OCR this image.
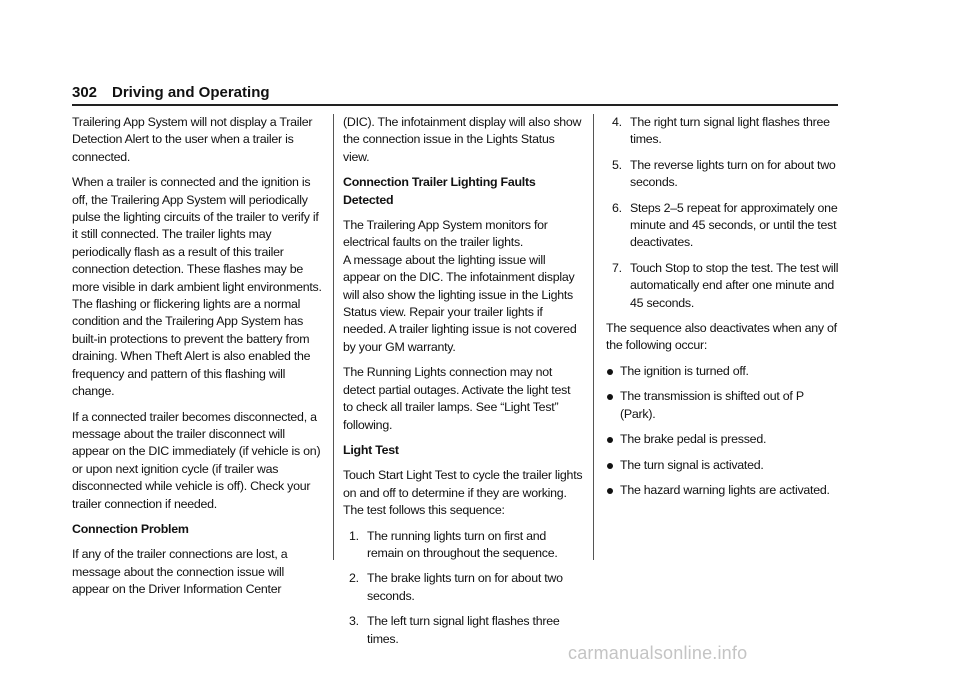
302 Driving and Operating

Trailering App System will not display a Trailer Detection Alert to the user when a trailer is connected.

When a trailer is connected and the ignition is off, the Trailering App System will periodically pulse the lighting circuits of the trailer to verify if it still connected. The trailer lights may periodically flash as a result of this trailer connection detection. These flashes may be more visible in dark ambient light environments. The flashing or flickering lights are a normal condition and the Trailering App System has built-in protections to prevent the battery from draining. When Theft Alert is also enabled the frequency and pattern of this flashing will change.

If a connected trailer becomes disconnected, a message about the trailer disconnect will appear on the DIC immediately (if vehicle is on) or upon next ignition cycle (if trailer was disconnected while vehicle is off). Check your trailer connection if needed.

Connection Problem

If any of the trailer connections are lost, a message about the connection issue will appear on the Driver Information Center

(DIC). The infotainment display will also show the connection issue in the Lights Status view.

Connection Trailer Lighting Faults Detected

The Trailering App System monitors for electrical faults on the trailer lights.

A message about the lighting issue will appear on the DIC. The infotainment display will also show the lighting issue in the Lights Status view. Repair your trailer lights if needed. A trailer lighting issue is not covered by your GM warranty.

The Running Lights connection may not detect partial outages. Activate the light test to check all trailer lamps. See “Light Test” following.

Light Test

Touch Start Light Test to cycle the trailer lights on and off to determine if they are working. The test follows this sequence:

1. The running lights turn on first and remain on throughout the sequence.
2. The brake lights turn on for about two seconds.
3. The left turn signal light flashes three times.
4. The right turn signal light flashes three times.
5. The reverse lights turn on for about two seconds.
6. Steps 2–5 repeat for approximately one minute and 45 seconds, or until the test deactivates.
7. Touch Stop to stop the test. The test will automatically end after one minute and 45 seconds.

The sequence also deactivates when any of the following occur:

The ignition is turned off.
The transmission is shifted out of P (Park).
The brake pedal is pressed.
The turn signal is activated.
The hazard warning lights are activated.
carmanualsonline.info
